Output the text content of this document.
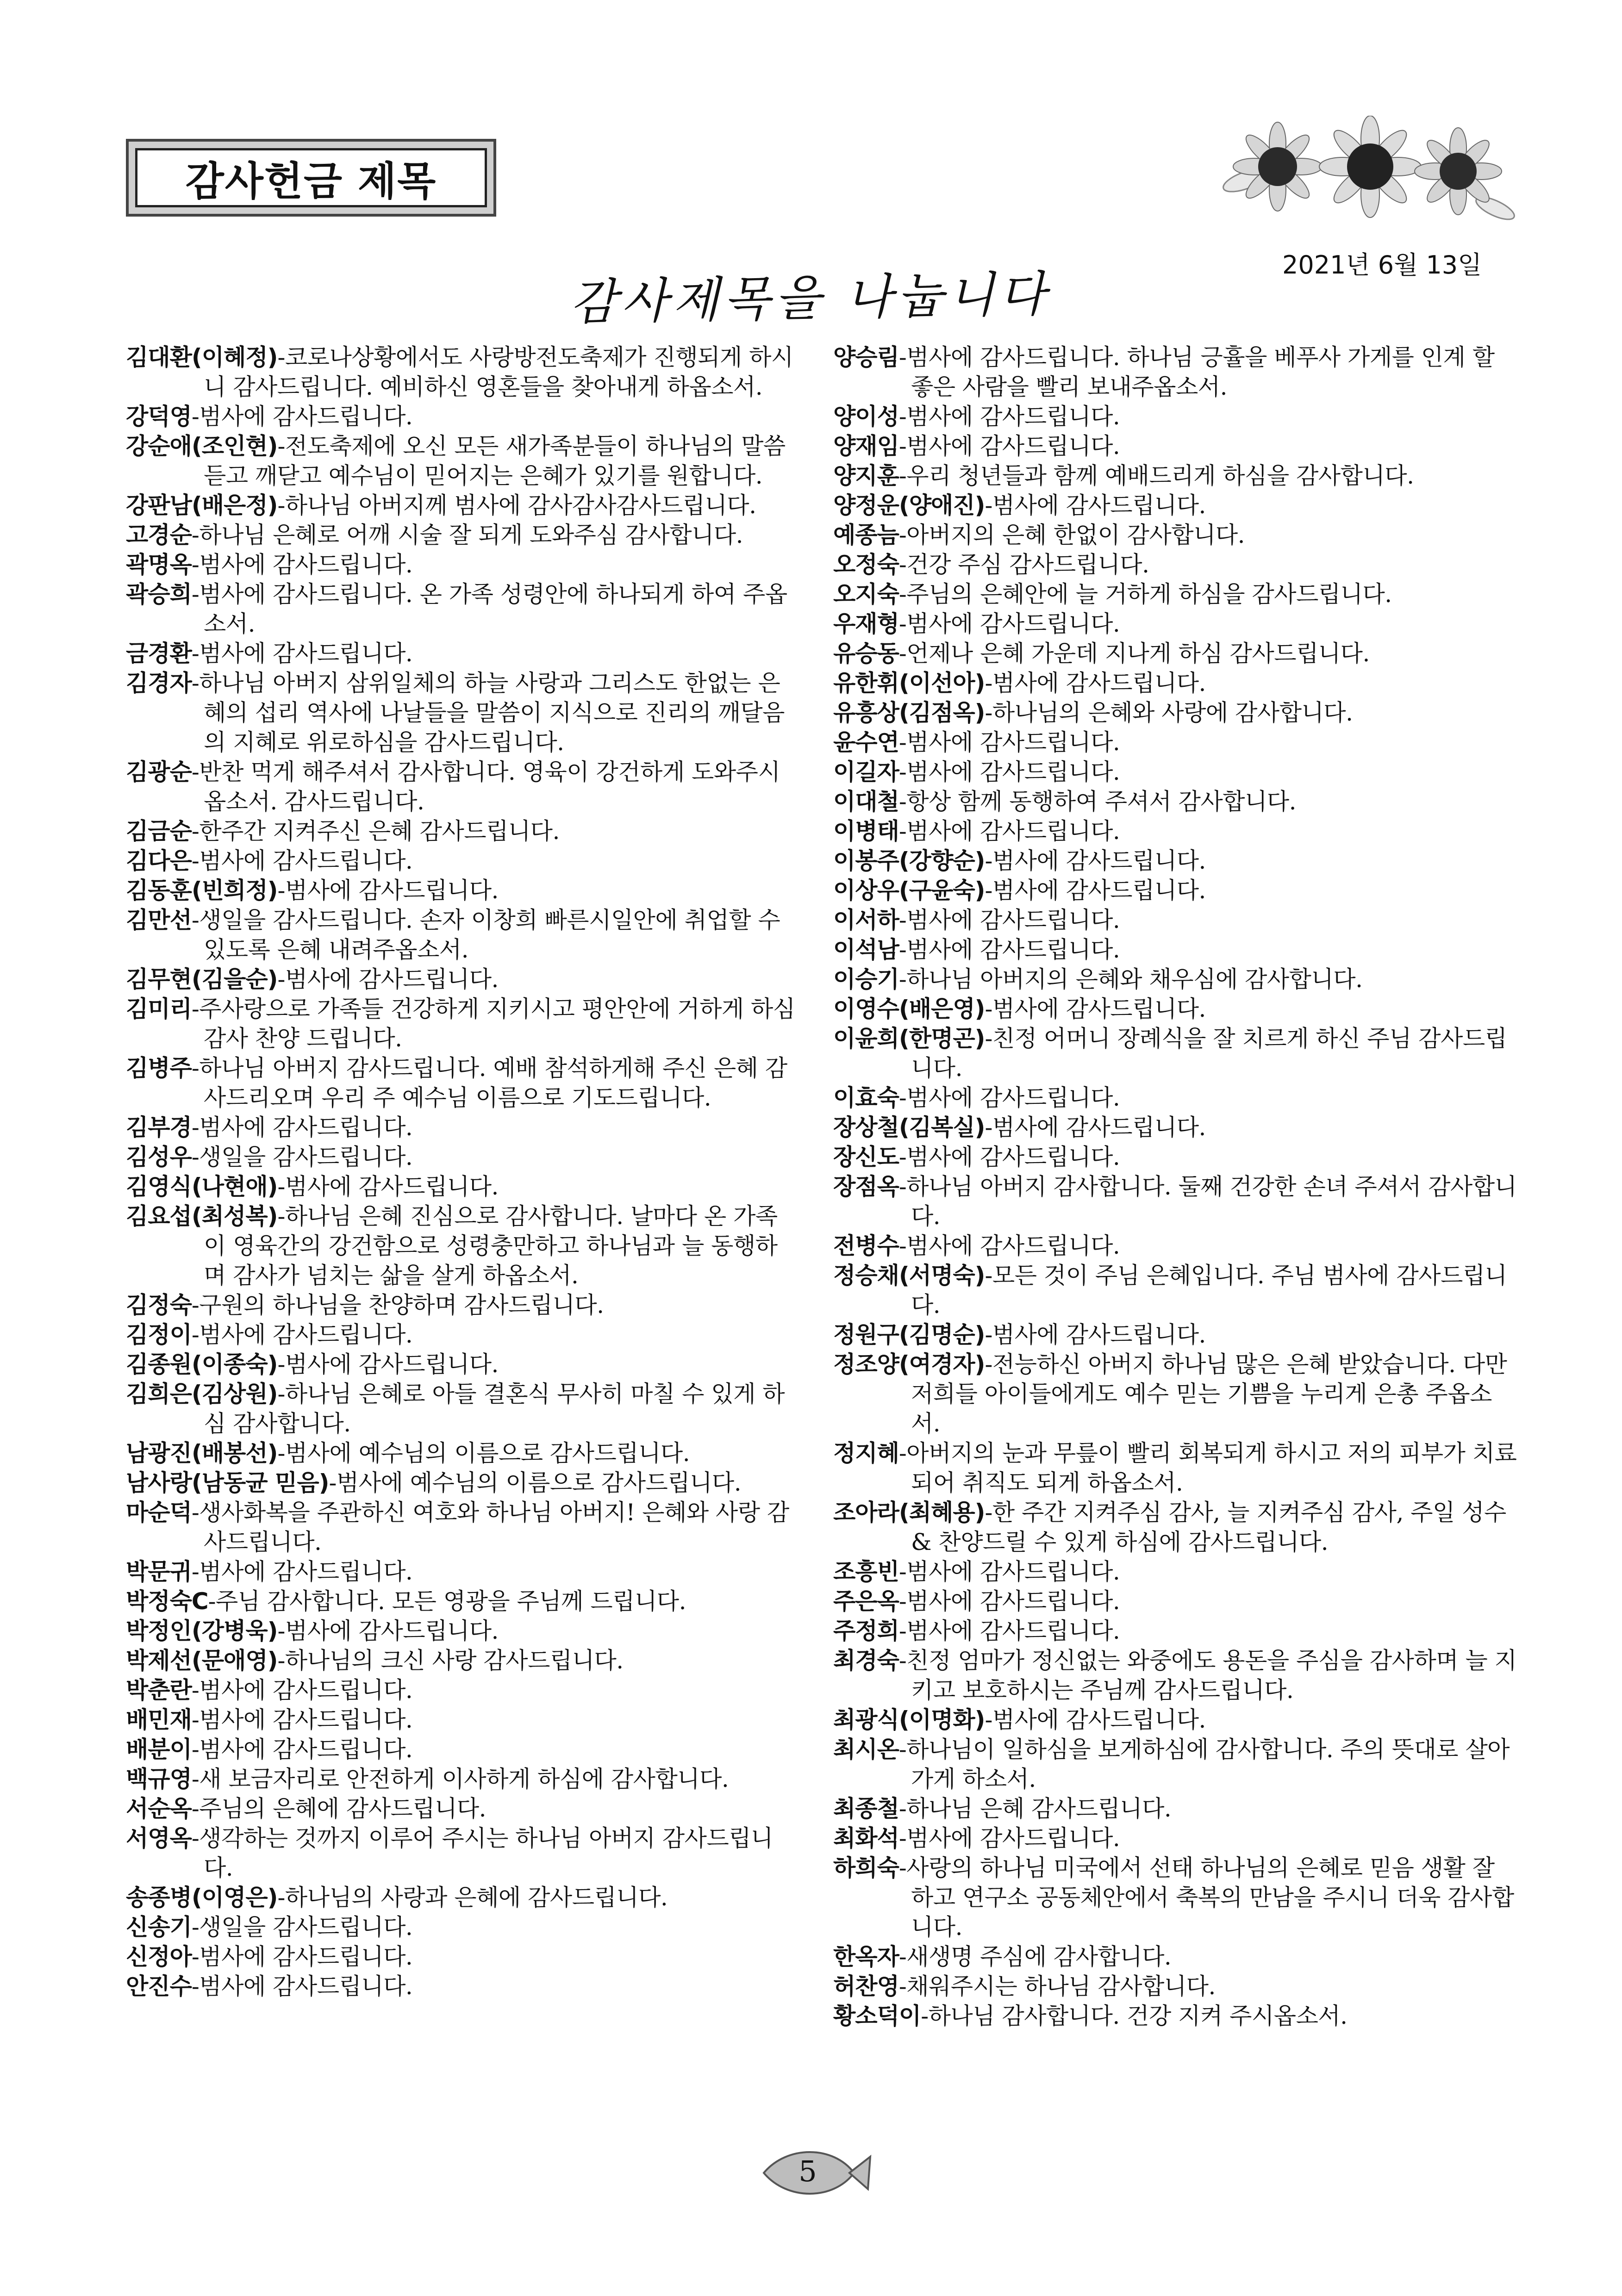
감사헌금 제목
2021년 6월 13일
감사제목을 나눕니다

김대환(이혜정)-코로나상황에서도 사랑방전도축제가 진행되게 하시니 감사드립니다. 예비하신 영혼들을 찾아내게 하옵소서.

강덕영-범사에 감사드립니다.

강순애(조인현)-전도축제에 오신 모든 새가족분들이 하나님의 말씀 듣고 깨닫고 예수님이 믿어지는 은혜가 있기를 원합니다.

강판남(배은정)-하나님 아버지께 범사에 감사감사감사드립니다.

고경순-하나님 은혜로 어깨 시술 잘 되게 도와주심 감사합니다.

곽명옥-범사에 감사드립니다.

곽승희-범사에 감사드립니다. 온 가족 성령안에 하나되게 하여 주옵소서.

금경환-범사에 감사드립니다.

김경자-하나님 아버지 삼위일체의 하늘 사랑과 그리스도 한없는 은혜의 섭리 역사에 나날들을 말씀이 지식으로 진리의 깨달음의 지혜로 위로하심을 감사드립니다.

김광순-반찬 먹게 해주셔서 감사합니다. 영육이 강건하게 도와주시옵소서. 감사드립니다.

김금순-한주간 지켜주신 은혜 감사드립니다.

김다은-범사에 감사드립니다.

김동훈(빈희정)-범사에 감사드립니다.

김만선-생일을 감사드립니다. 손자 이창희 빠른시일안에 취업할 수 있도록 은혜 내려주옵소서.

김무현(김을순)-범사에 감사드립니다.

김미리-주사랑으로 가족들 건강하게 지키시고 평안안에 거하게 하심 감사 찬양 드립니다.

김병주-하나님 아버지 감사드립니다. 예배 참석하게해 주신 은혜 감사드리오며 우리 주 예수님 이름으로 기도드립니다.

김부경-범사에 감사드립니다.

김성우-생일을 감사드립니다.

김영식(나현애)-범사에 감사드립니다.

김요섭(최성복)-하나님 은혜 진심으로 감사합니다. 날마다 온 가족이 영육간의 강건함으로 성령충만하고 하나님과 늘 동행하며 감사가 넘치는 삶을 살게 하옵소서.

김정숙-구원의 하나님을 찬양하며 감사드립니다.

김정이-범사에 감사드립니다.

김종원(이종숙)-범사에 감사드립니다.

김희은(김상원)-하나님 은혜로 아들 결혼식 무사히 마칠 수 있게 하심 감사합니다.

남광진(배봉선)-범사에 예수님의 이름으로 감사드립니다.

남사랑(남동균 믿음)-범사에 예수님의 이름으로 감사드립니다.

마순덕-생사화복을 주관하신 여호와 하나님 아버지! 은혜와 사랑 감사드립니다.

박문귀-범사에 감사드립니다.

박정숙C-주님 감사합니다. 모든 영광을 주님께 드립니다.

박정인(강병욱)-범사에 감사드립니다.

박제선(문애영)-하나님의 크신 사랑 감사드립니다.

박춘란-범사에 감사드립니다.

배민재-범사에 감사드립니다.

배분이-범사에 감사드립니다.

백규영-새 보금자리로 안전하게 이사하게 하심에 감사합니다.

서순옥-주님의 은혜에 감사드립니다.

서영옥-생각하는 것까지 이루어 주시는 하나님 아버지 감사드립니다.

송종병(이영은)-하나님의 사랑과 은혜에 감사드립니다.

신송기-생일을 감사드립니다.

신정아-범사에 감사드립니다.

안진수-범사에 감사드립니다.

양승림-범사에 감사드립니다. 하나님 긍휼을 베푸사 가게를 인계 할 좋은 사람을 빨리 보내주옵소서.

양이성-범사에 감사드립니다.

양재임-범사에 감사드립니다.

양지훈-우리 청년들과 함께 예배드리게 하심을 감사합니다.

양정운(양애진)-범사에 감사드립니다.

예종늠-아버지의 은혜 한없이 감사합니다.

오정숙-건강 주심 감사드립니다.

오지숙-주님의 은혜안에 늘 거하게 하심을 감사드립니다.

우재형-범사에 감사드립니다.

유승동-언제나 은혜 가운데 지나게 하심 감사드립니다.

유한휘(이선아)-범사에 감사드립니다.

유흥상(김점옥)-하나님의 은혜와 사랑에 감사합니다.

윤수연-범사에 감사드립니다.

이길자-범사에 감사드립니다.

이대철-항상 함께 동행하여 주셔서 감사합니다.

이병태-범사에 감사드립니다.

이봉주(강향순)-범사에 감사드립니다.

이상우(구윤숙)-범사에 감사드립니다.

이서하-범사에 감사드립니다.

이석남-범사에 감사드립니다.

이승기-하나님 아버지의 은혜와 채우심에 감사합니다.

이영수(배은영)-범사에 감사드립니다.

이윤희(한명곤)-친정 어머니 장례식을 잘 치르게 하신 주님 감사드립니다.

이효숙-범사에 감사드립니다.

장상철(김복실)-범사에 감사드립니다.

장신도-범사에 감사드립니다.

장점옥-하나님 아버지 감사합니다. 둘째 건강한 손녀 주셔서 감사합니다.

전병수-범사에 감사드립니다.

정승채(서명숙)-모든 것이 주님 은혜입니다. 주님 범사에 감사드립니다.

정원구(김명순)-범사에 감사드립니다.

정조양(여경자)-전능하신 아버지 하나님 많은 은혜 받았습니다. 다만 저희들 아이들에게도 예수 믿는 기쁨을 누리게 은총 주옵소서.

정지혜-아버지의 눈과 무릎이 빨리 회복되게 하시고 저의 피부가 치료되어 취직도 되게 하옵소서.

조아라(최혜용)-한 주간 지켜주심 감사, 늘 지켜주심 감사, 주일 성수 & 찬양드릴 수 있게 하심에 감사드립니다.

조흥빈-범사에 감사드립니다.

주은옥-범사에 감사드립니다.

주정희-범사에 감사드립니다.

최경숙-친정 엄마가 정신없는 와중에도 용돈을 주심을 감사하며 늘 지키고 보호하시는 주님께 감사드립니다.

최광식(이명화)-범사에 감사드립니다.

최시온-하나님이 일하심을 보게하심에 감사합니다. 주의 뜻대로 살아가게 하소서.

최종철-하나님 은혜 감사드립니다.

최화석-범사에 감사드립니다.

하희숙-사랑의 하나님 미국에서 선태 하나님의 은혜로 믿음 생활 잘 하고 연구소 공동체안에서 축복의 만남을 주시니 더욱 감사합니다.

한옥자-새생명 주심에 감사합니다.

허찬영-채워주시는 하나님 감사합니다.

황소덕이-하나님 감사합니다. 건강 지켜 주시옵소서.

5
